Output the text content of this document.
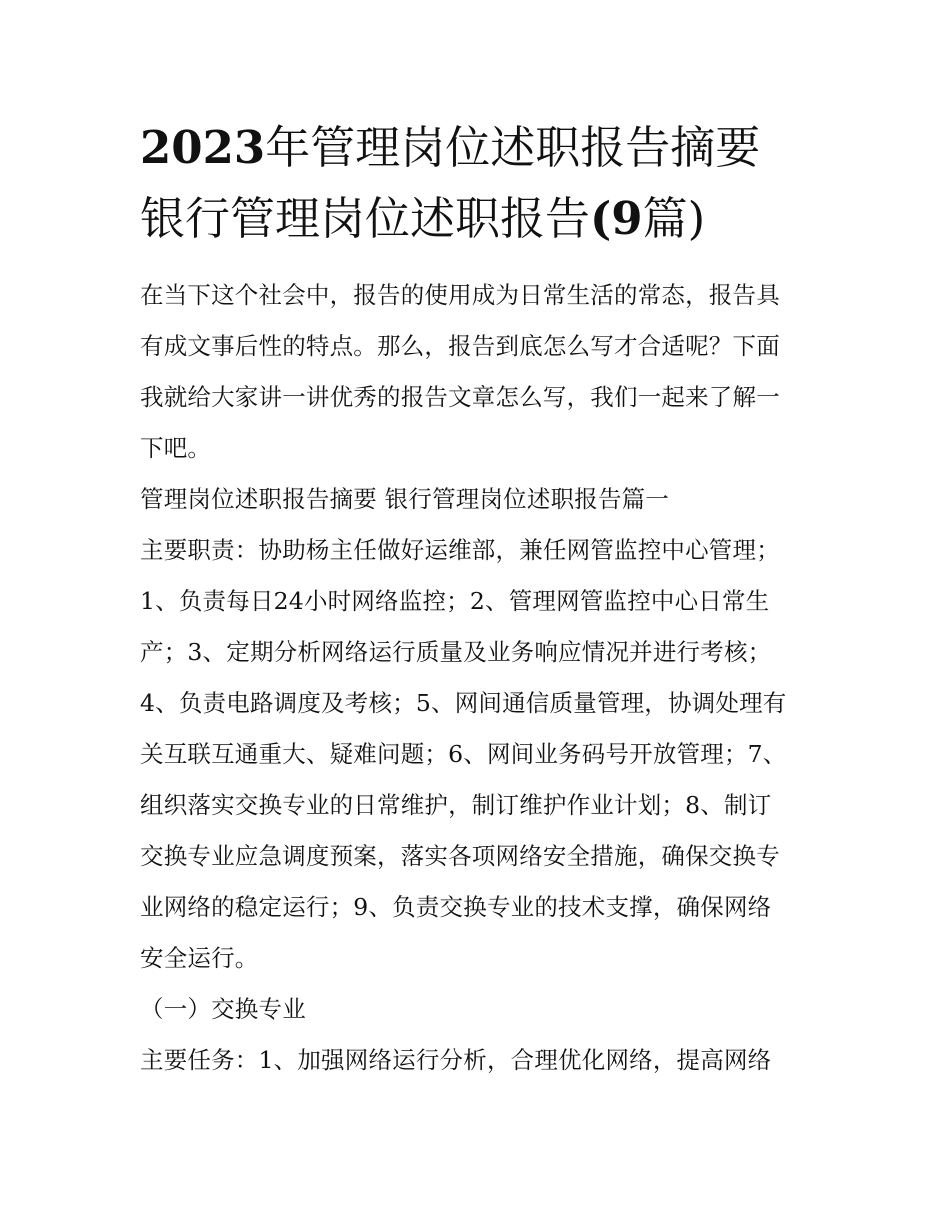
2023年管理岗位述职报告摘要
银行管理岗位述职报告(9篇)

在当下这个社会中，报告的使用成为日常生活的常态，报告具
有成文事后性的特点。那么，报告到底怎么写才合适呢？下面
我就给大家讲一讲优秀的报告文章怎么写，我们一起来了解一
下吧。

管理岗位述职报告摘要 银行管理岗位述职报告篇一

主要职责：协助杨主任做好运维部，兼任网管监控中心管理；
1、负责每日24小时网络监控；2、管理网管监控中心日常生
产；3、定期分析网络运行质量及业务响应情况并进行考核；
4、负责电路调度及考核；5、网间通信质量管理，协调处理有
关互联互通重大、疑难问题；6、网间业务码号开放管理；7、
组织落实交换专业的日常维护，制订维护作业计划；8、制订
交换专业应急调度预案，落实各项网络安全措施，确保交换专
业网络的稳定运行；9、负责交换专业的技术支撑，确保网络
安全运行。

（一）交换专业

主要任务：1、加强网络运行分析，合理优化网络，提高网络
